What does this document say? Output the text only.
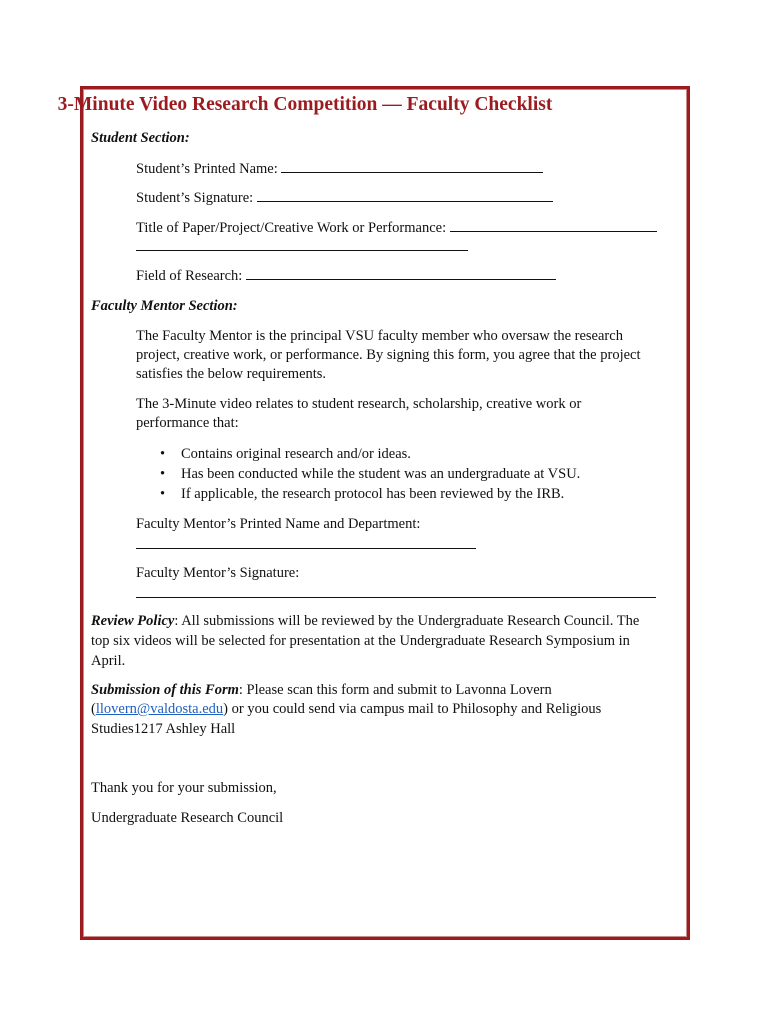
3-Minute Video Research Competition — Faculty Checklist
Student Section:
Student’s Printed Name:
Student’s Signature:
Title of Paper/Project/Creative Work or Performance:
Field of Research:
Faculty Mentor Section:
The Faculty Mentor is the principal VSU faculty member who oversaw the research
project, creative work, or performance. By signing this form, you agree that the project
satisfies the below requirements.
The 3-Minute video relates to student research, scholarship, creative work or
performance that:
• Contains original research and/or ideas.
• Has been conducted while the student was an undergraduate at VSU.
• If applicable, the research protocol has been reviewed by the IRB.
Faculty Mentor’s Printed Name and Department:
Faculty Mentor’s Signature:
Review Policy: All submissions will be reviewed by the Undergraduate Research Council. The
top six videos will be selected for presentation at the Undergraduate Research Symposium in
April.
Submission of this Form: Please scan this form and submit to Lavonna Lovern
(llovern@valdosta.edu) or you could send via campus mail to Philosophy and Religious
Studies1217 Ashley Hall
Thank you for your submission,
Undergraduate Research Council
